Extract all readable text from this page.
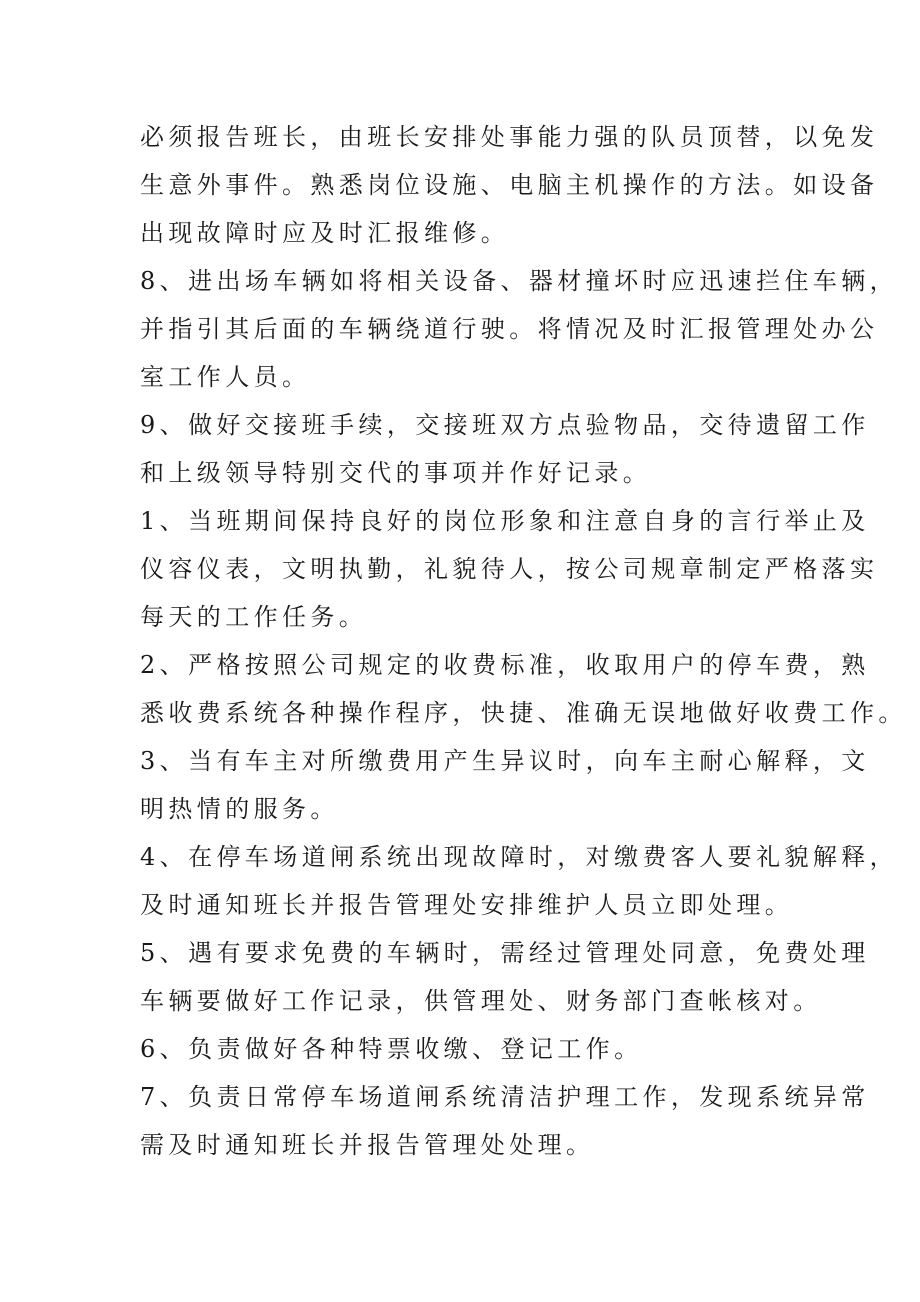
必须报告班长，由班长安排处事能力强的队员顶替，以免发
生意外事件。熟悉岗位设施、电脑主机操作的方法。如设备
出现故障时应及时汇报维修。
8、进出场车辆如将相关设备、器材撞坏时应迅速拦住车辆，
并指引其后面的车辆绕道行驶。将情况及时汇报管理处办公
室工作人员。
9、做好交接班手续，交接班双方点验物品，交待遗留工作
和上级领导特别交代的事项并作好记录。
1、当班期间保持良好的岗位形象和注意自身的言行举止及
仪容仪表，文明执勤，礼貌待人，按公司规章制定严格落实
每天的工作任务。
2、严格按照公司规定的收费标准，收取用户的停车费，熟
悉收费系统各种操作程序，快捷、准确无误地做好收费工作。
3、当有车主对所缴费用产生异议时，向车主耐心解释，文
明热情的服务。
4、在停车场道闸系统出现故障时，对缴费客人要礼貌解释，
及时通知班长并报告管理处安排维护人员立即处理。
5、遇有要求免费的车辆时，需经过管理处同意，免费处理
车辆要做好工作记录，供管理处、财务部门查帐核对。
6、负责做好各种特票收缴、登记工作。
7、负责日常停车场道闸系统清洁护理工作，发现系统异常
需及时通知班长并报告管理处处理。
